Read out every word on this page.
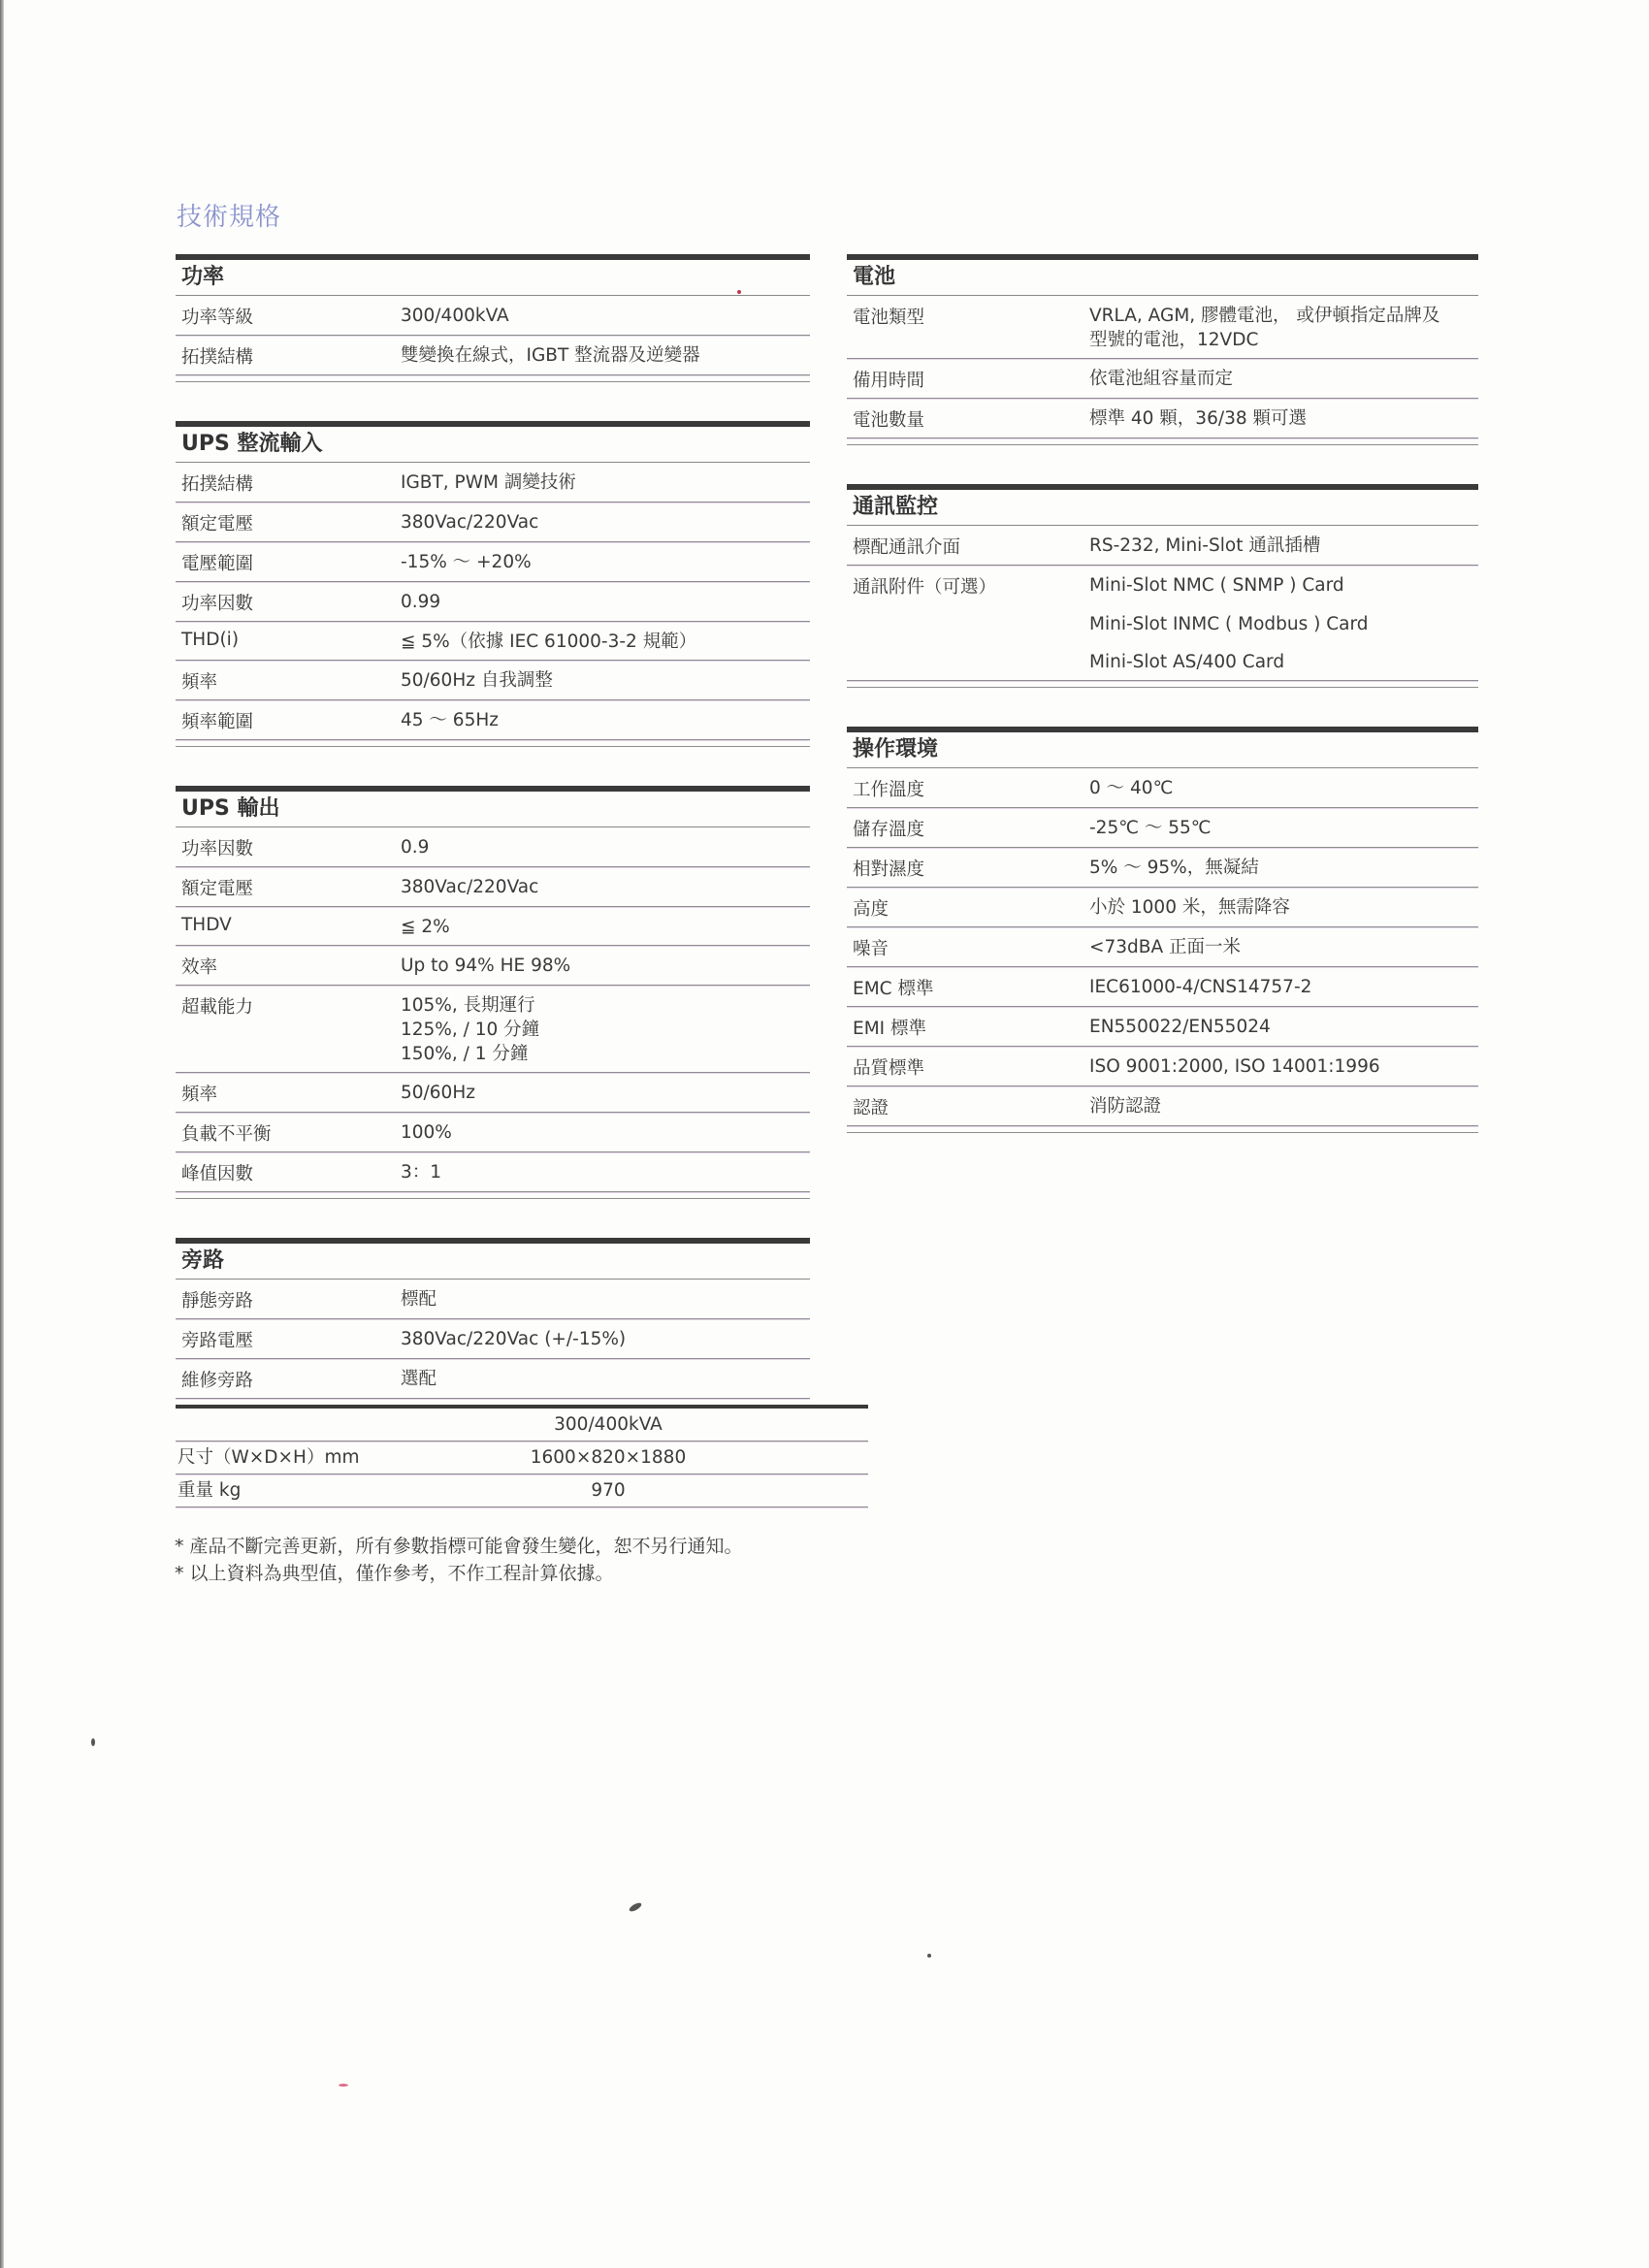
技術規格
功率
功率等級	300/400kVA
拓撲結構	雙變換在線式，IGBT 整流器及逆變器
UPS 整流輸入
拓撲結構	IGBT, PWM 調變技術
額定電壓	380Vac/220Vac
電壓範圍	-15% ～ +20%
功率因數	0.99
THD(i)	≦ 5%（依據 IEC 61000-3-2 規範）
頻率	50/60Hz 自我調整
頻率範圍	45 ～ 65Hz
UPS 輸出
功率因數	0.9
額定電壓	380Vac/220Vac
THDV	≦ 2%
效率	Up to 94% HE 98%
超載能力	105%, 長期運行
125%, / 10 分鐘
150%, / 1 分鐘
頻率	50/60Hz
負載不平衡	100%
峰值因數	3：1
旁路
靜態旁路	標配
旁路電壓	380Vac/220Vac (+/-15%)
維修旁路	選配
電池
電池類型	VRLA, AGM, 膠體電池， 或伊頓指定品牌及
型號的電池，12VDC
備用時間	依電池組容量而定
電池數量	標準 40 顆，36/38 顆可選
通訊監控
標配通訊介面	RS-232, Mini-Slot 通訊插槽
通訊附件（可選）	Mini-Slot NMC ( SNMP ) Card
Mini-Slot INMC ( Modbus ) Card
Mini-Slot AS/400 Card
操作環境
工作溫度	0 ～ 40℃
儲存溫度	-25℃ ～ 55℃
相對濕度	5% ～ 95%，無凝結
高度	小於 1000 米，無需降容
噪音	<73dBA 正面一米
EMC 標準	IEC61000-4/CNS14757-2
EMI 標準	EN550022/EN55024
品質標準	ISO 9001:2000, ISO 14001:1996
認證	消防認證
300/400kVA
尺寸（W×D×H）mm	1600×820×1880
重量 kg	970
* 產品不斷完善更新，所有參數指標可能會發生變化，恕不另行通知。
* 以上資料為典型值，僅作參考，不作工程計算依據。
